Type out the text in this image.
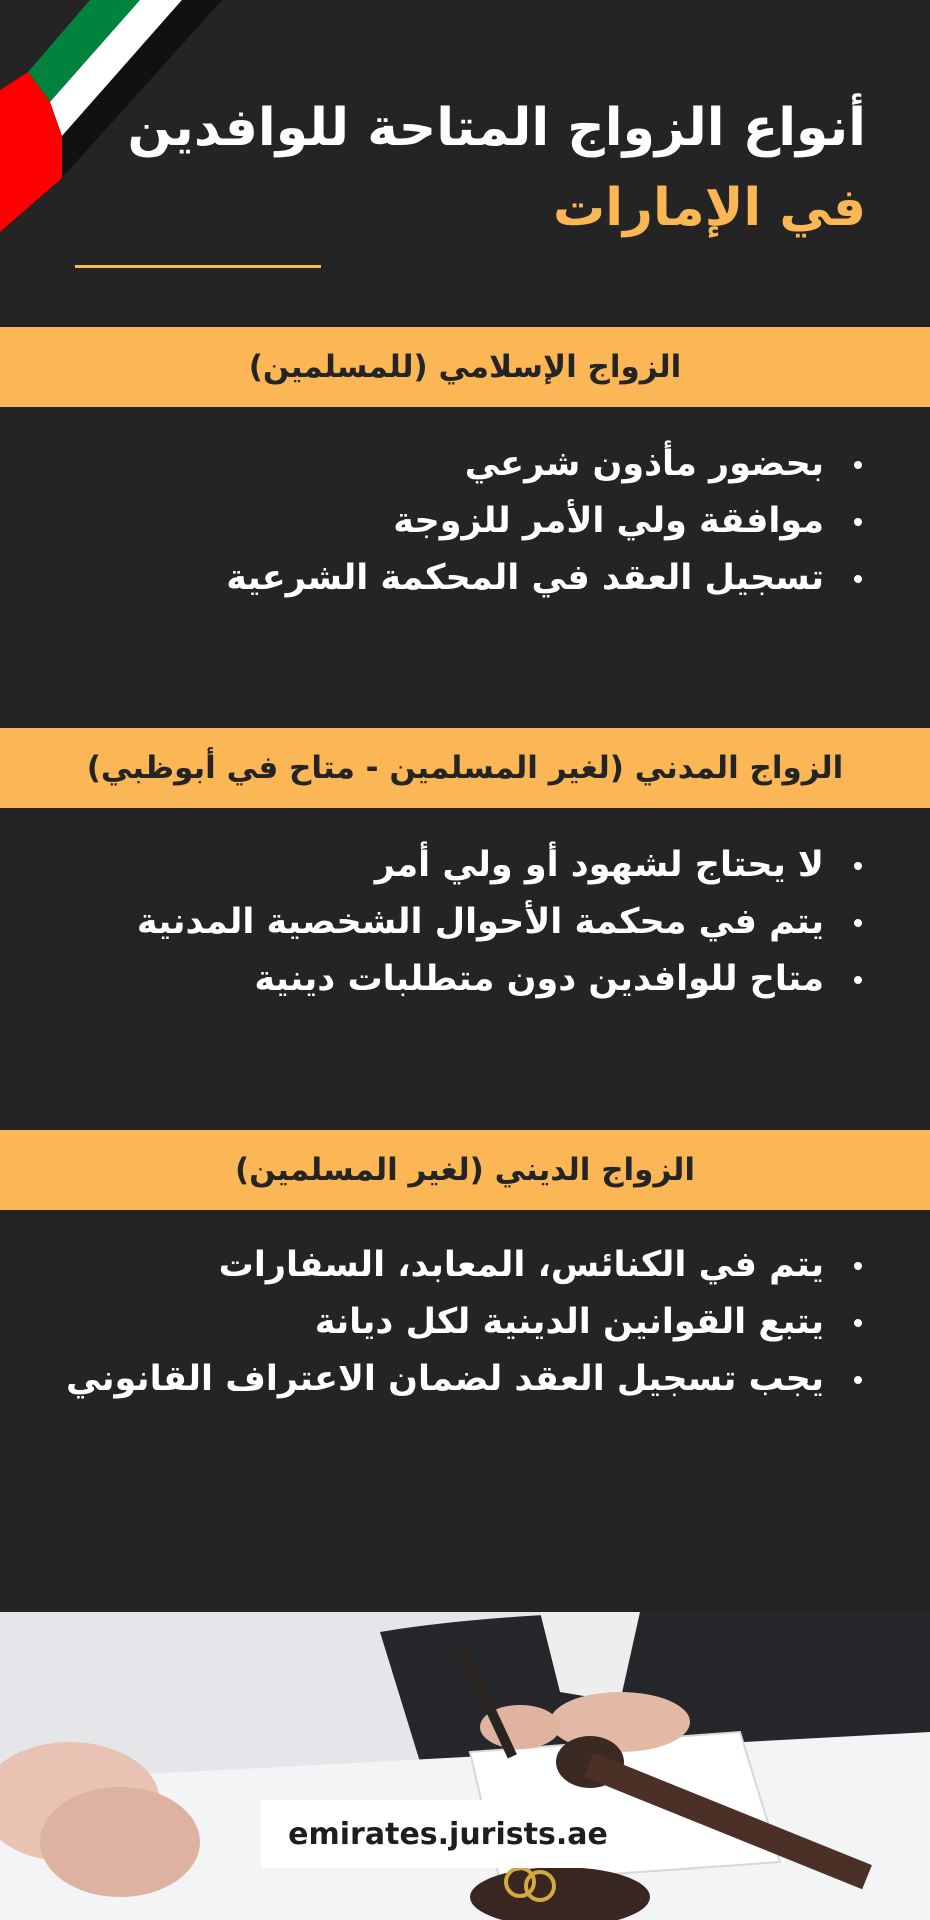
أنواع الزواج المتاحة للوافدين
في الإمارات
الزواج الإسلامي (للمسلمين)
بحضور مأذون شرعي
موافقة ولي الأمر للزوجة
تسجيل العقد في المحكمة الشرعية
الزواج المدني (لغير المسلمين - متاح في أبوظبي)
لا يحتاج لشهود أو ولي أمر
يتم في محكمة الأحوال الشخصية المدنية
متاح للوافدين دون متطلبات دينية
الزواج الديني (لغير المسلمين)
يتم في الكنائس، المعابد، السفارات
يتبع القوانين الدينية لكل ديانة
يجب تسجيل العقد لضمان الاعتراف القانوني
emirates.jurists.ae
